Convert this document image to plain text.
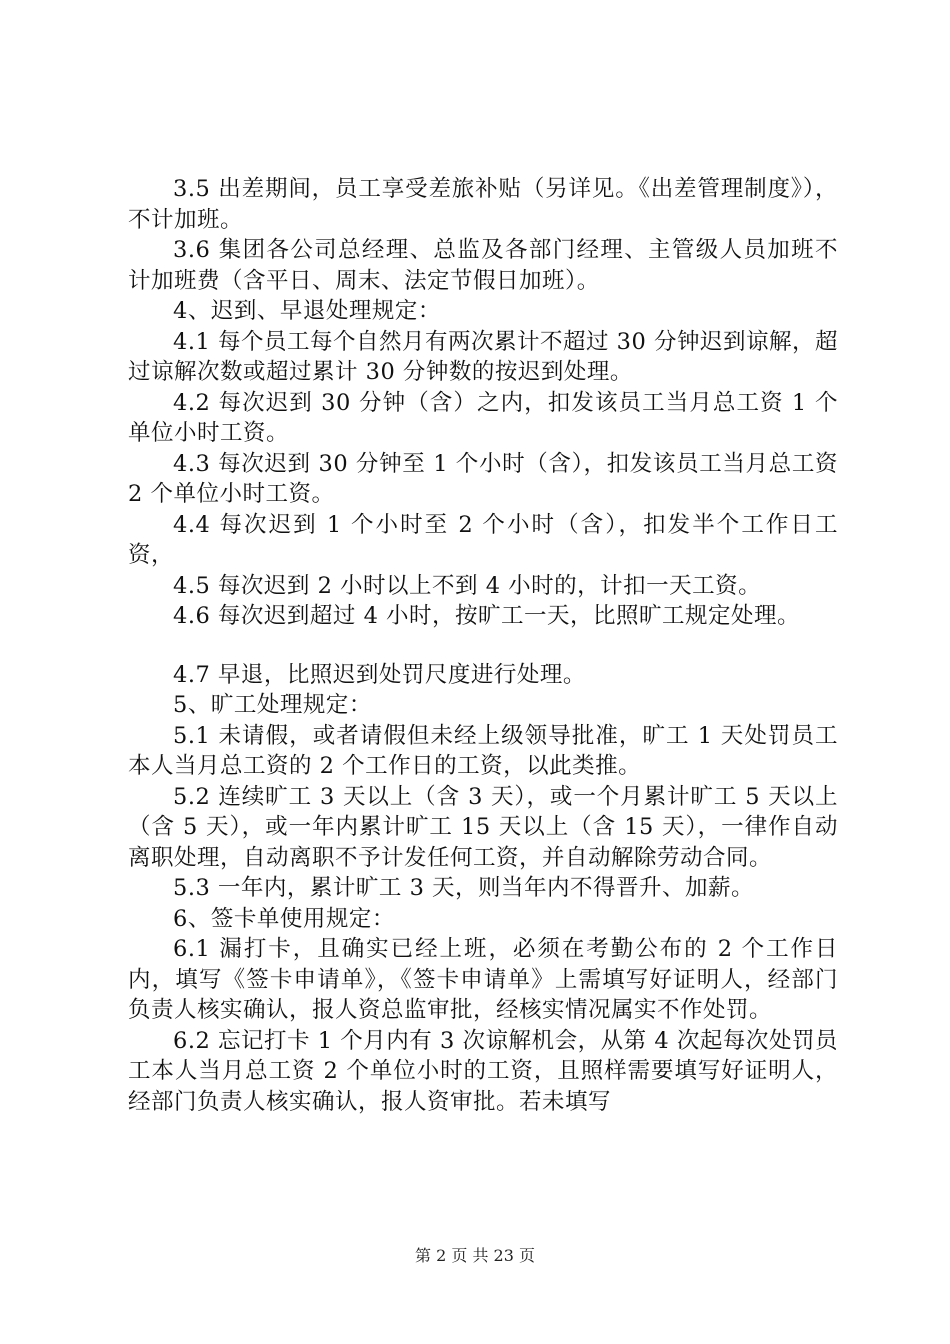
3.5 出差期间，员工享受差旅补贴（另详见。《出差管理制度》），不计加班。

3.6 集团各公司总经理、总监及各部门经理、主管级人员加班不计加班费（含平日、周末、法定节假日加班）。

4、迟到、早退处理规定：

4.1 每个员工每个自然月有两次累计不超过 30 分钟迟到谅解，超过谅解次数或超过累计 30 分钟数的按迟到处理。

4.2 每次迟到 30 分钟（含）之内，扣发该员工当月总工资 1 个单位小时工资。

4.3 每次迟到 30 分钟至 1 个小时（含），扣发该员工当月总工资 2 个单位小时工资。

4.4 每次迟到 1 个小时至 2 个小时（含），扣发半个工作日工资，

4.5 每次迟到 2 小时以上不到 4 小时的，计扣一天工资。

4.6 每次迟到超过 4 小时，按旷工一天，比照旷工规定处理。

4.7 早退，比照迟到处罚尺度进行处理。

5、旷工处理规定：

5.1 未请假，或者请假但未经上级领导批准，旷工 1 天处罚员工本人当月总工资的 2 个工作日的工资，以此类推。

5.2 连续旷工 3 天以上（含 3 天），或一个月累计旷工 5 天以上（含 5 天），或一年内累计旷工 15 天以上（含 15 天），一律作自动离职处理，自动离职不予计发任何工资，并自动解除劳动合同。

5.3 一年内，累计旷工 3 天，则当年内不得晋升、加薪。

6、签卡单使用规定：

6.1 漏打卡，且确实已经上班，必须在考勤公布的 2 个工作日内，填写《签卡申请单》，《签卡申请单》上需填写好证明人，经部门负责人核实确认，报人资总监审批，经核实情况属实不作处罚。

6.2 忘记打卡 1 个月内有 3 次谅解机会，从第 4 次起每次处罚员工本人当月总工资 2 个单位小时的工资，且照样需要填写好证明人，经部门负责人核实确认，报人资审批。若未填写

第 2 页 共 23 页
